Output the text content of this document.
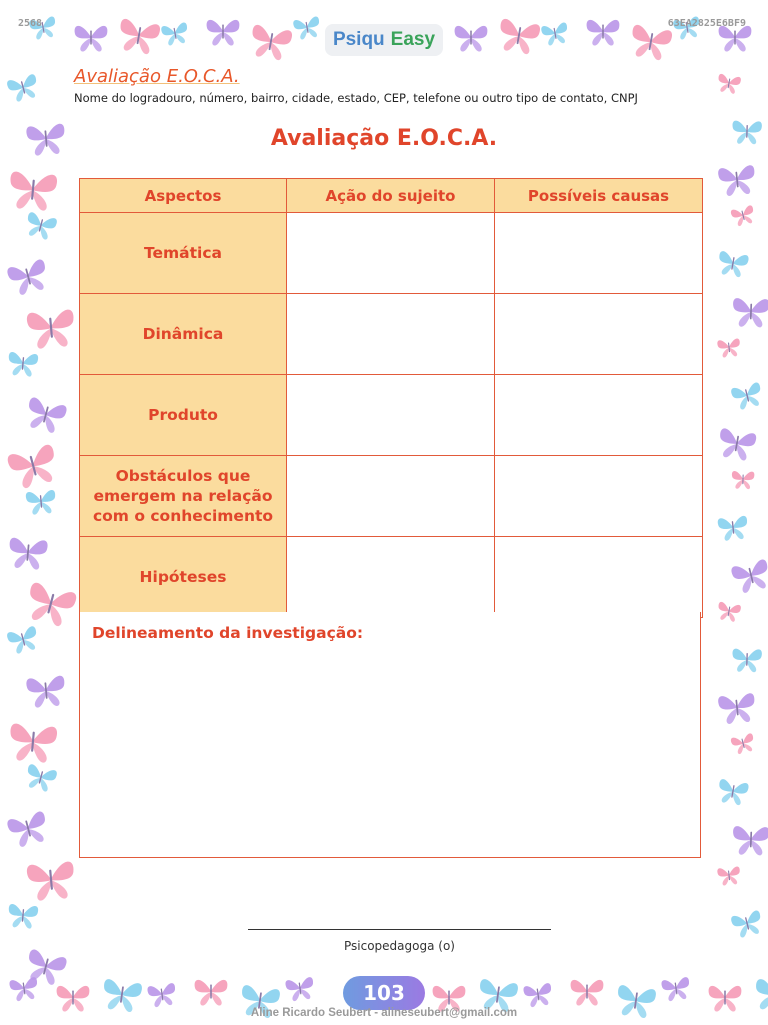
2568	63EA2825E6BF9
Psiqu Easy
Avaliação E.O.C.A.
Nome do logradouro, número, bairro, cidade, estado, CEP, telefone ou outro tipo de contato, CNPJ
Avaliação E.O.C.A.
Aspectos	Ação do sujeito	Possíveis causas
Temática		
Dinâmica		
Produto		
Obstáculos que emergem na relação com o conhecimento		
Hipóteses		
Delineamento da investigação:
Psicopedagoga (o)
103
Aline Ricardo Seubert - alineseubert@gmail.com
